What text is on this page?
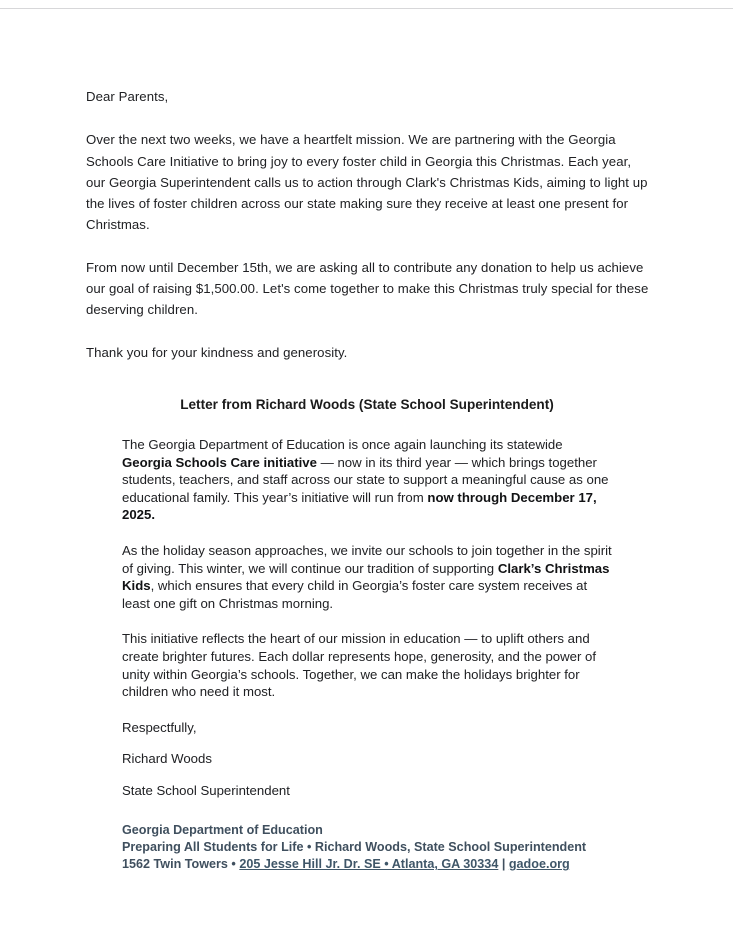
Dear Parents,

Over the next two weeks, we have a heartfelt mission. We are partnering with the Georgia Schools Care Initiative to bring joy to every foster child in Georgia this Christmas. Each year, our Georgia Superintendent calls us to action through Clark's Christmas Kids, aiming to light up the lives of foster children across our state making sure they receive at least one present for Christmas.

From now until December 15th, we are asking all to contribute any donation to help us achieve our goal of raising $1,500.00. Let's come together to make this Christmas truly special for these deserving children.

Thank you for your kindness and generosity.

Letter from Richard Woods (State School Superintendent)

The Georgia Department of Education is once again launching its statewide Georgia Schools Care initiative — now in its third year — which brings together students, teachers, and staff across our state to support a meaningful cause as one educational family. This year’s initiative will run from now through December 17, 2025.

As the holiday season approaches, we invite our schools to join together in the spirit of giving. This winter, we will continue our tradition of supporting Clark’s Christmas Kids, which ensures that every child in Georgia’s foster care system receives at least one gift on Christmas morning.

This initiative reflects the heart of our mission in education — to uplift others and create brighter futures. Each dollar represents hope, generosity, and the power of unity within Georgia’s schools. Together, we can make the holidays brighter for children who need it most.

Respectfully,

Richard Woods

State School Superintendent

Georgia Department of Education
Preparing All Students for Life • Richard Woods, State School Superintendent
1562 Twin Towers • 205 Jesse Hill Jr. Dr. SE • Atlanta, GA 30334 | gadoe.org
